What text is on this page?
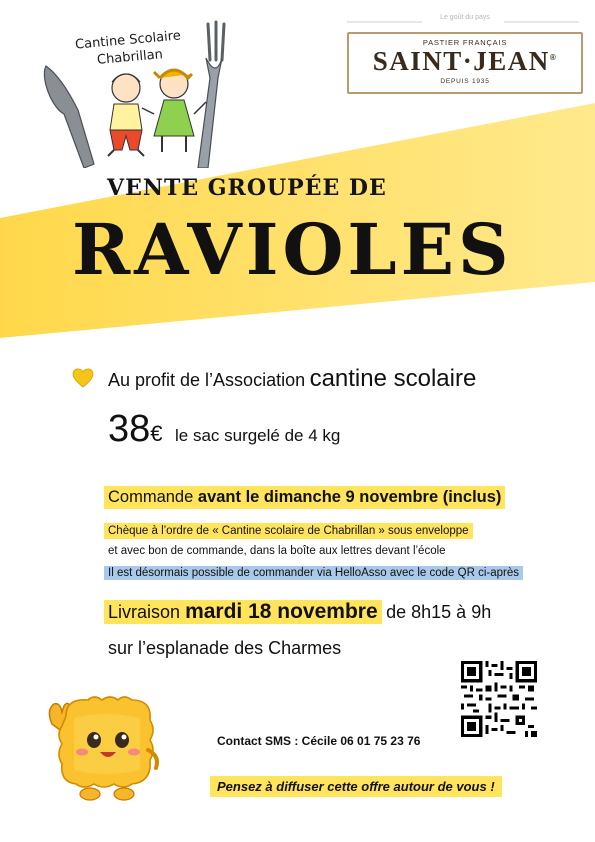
Cantine Scolaire
Chabrillan
Le goût du pays
PASTIER FRANÇAIS
SAINT·JEAN®
DEPUIS 1935
VENTE GROUPÉE DE
RAVIOLES
Au profit de l’Association cantine scolaire
38€ le sac surgelé de 4 kg
Commande avant le dimanche 9 novembre (inclus)
Chèque à l’ordre de « Cantine scolaire de Chabrillan » sous enveloppe
et avec bon de commande, dans la boîte aux lettres devant l’école
Il est désormais possible de commander via HelloAsso avec le code QR ci-après
Livraison mardi 18 novembre de 8h15 à 9h
sur l’esplanade des Charmes
Contact SMS : Cécile 06 01 75 23 76
Pensez à diffuser cette offre autour de vous !
